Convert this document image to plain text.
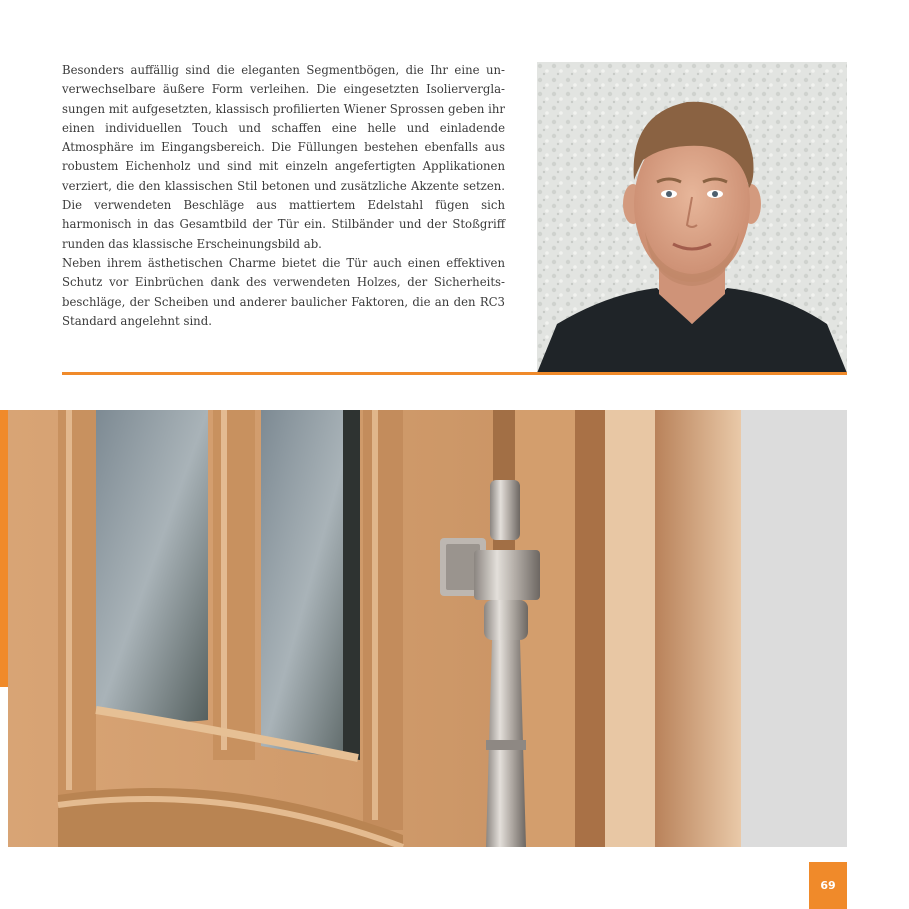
Besonders auffällig sind die eleganten Segmentbögen, die Ihr eine unverwechselbare äußere Form verleihen. Die eingesetzten Isolierverglasungen mit aufgesetzten, klassisch profilierten Wiener Sprossen geben ihr einen individuellen Touch und schaffen eine helle und einladende Atmosphäre im Eingangsbereich. Die Füllungen bestehen ebenfalls aus robustem Eichenholz und sind mit einzeln angefertigten Applikationen verziert, die den klassischen Stil betonen und zusätzliche Akzente setzen. Die verwendeten Beschläge aus mattiertem Edelstahl fügen sich harmonisch in das Gesamtbild der Tür ein. Stilbänder und der Stoßgriff runden das klassische Erscheinungsbild ab.

Neben ihrem ästhetischen Charme bietet die Tür auch einen effektiven Schutz vor Einbrüchen dank des verwendeten Holzes, der Sicherheitsbeschläge, der Scheiben und anderer baulicher Faktoren, die an den RC3 Standard angelehnt sind.

69
